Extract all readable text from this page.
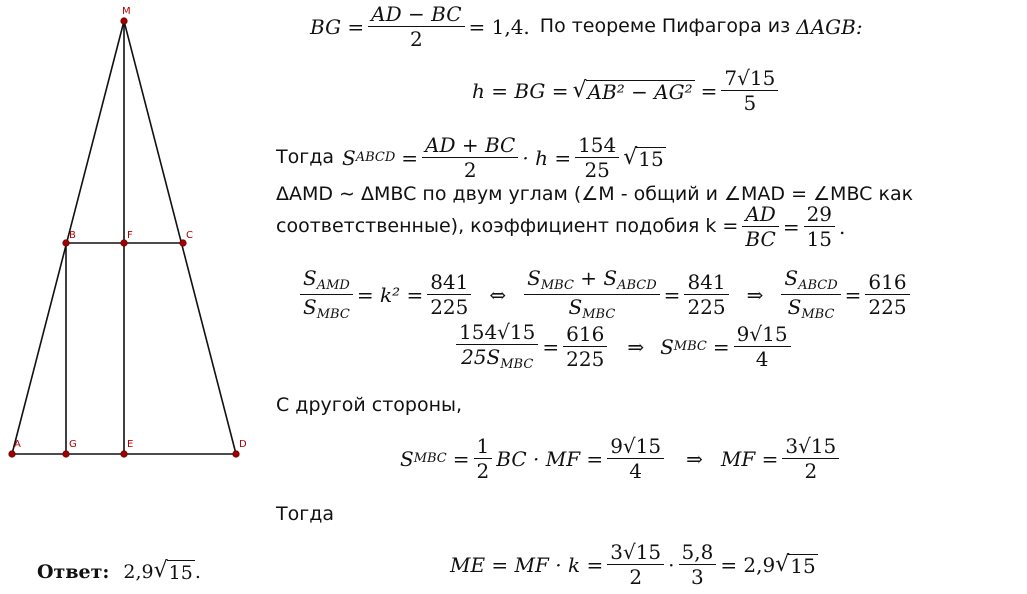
M
B	F	C
A	G	E	D
BG = $\frac{AD - BC}{2} = 1,4$. По теореме Пифагора из ΔAGB:
h = BG = √ $AB^2 - AG^2 = \frac{7√15}{5}$
Тогда S ABCD = $\frac{AD + BC}{2} \cdot h = \frac{154}{25}$ √ 15
ΔAMD ∼ ΔMBC по двум углам (∠M - общий и ∠MAD = ∠MBC как
соответственные), коэффициент подобия $k = \frac{AD}{BC} = \frac{29}{15}$ .
$\frac{S_{AMD}}{S_{MBC}} = k^2 = \frac{841}{225}$ ⇔ $\frac{S_{MBC} + S_{ABCD}}{S_{MBC}} = \frac{841}{225}$ ⇒ $\frac{S_{ABCD}}{S_{MBC}} = \frac{616}{225}$
$\frac{154√15}{25S_{MBC}} = \frac{616}{225}$ ⇒ S MBC = $\frac{9√15}{4}$
С другой стороны,
S MBC = $\frac{1}{2}$ BC · MF = $\frac{9√15}{4}$ ⇒ MF = $\frac{3√15}{2}$
Тогда
ME = MF · $k = \frac{3√15}{2} \cdot \frac{5,8}{3} = 2,9$ √ 15
Ответ: 2,9 √ 15 .
